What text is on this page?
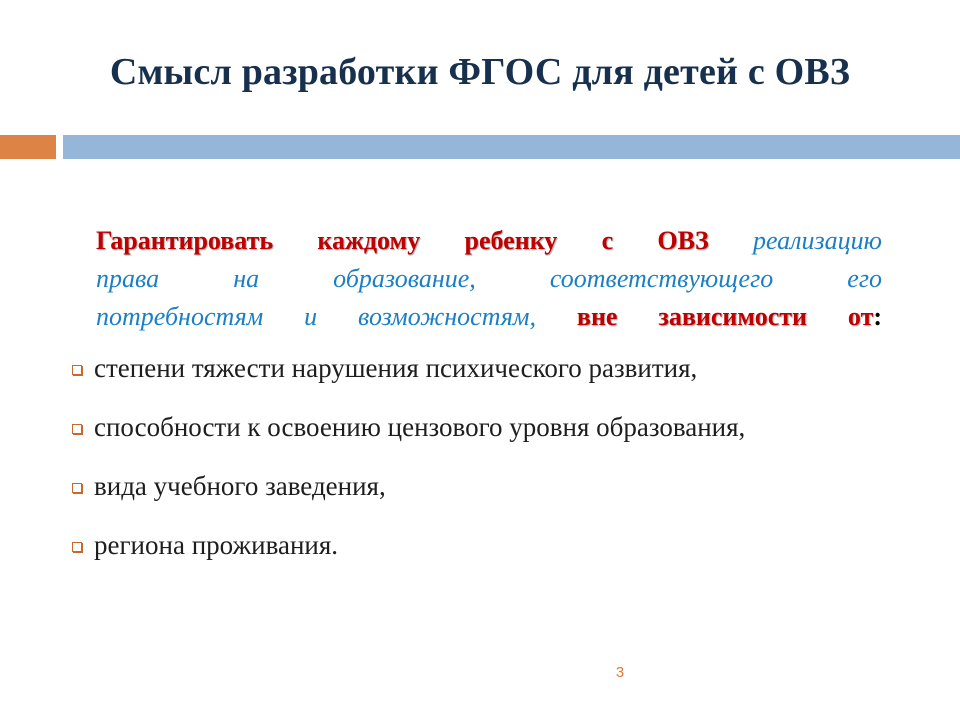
Смысл разработки ФГОС для детей с ОВЗ
Гарантировать каждому ребенку с ОВЗ реализацию
права на образование, соответствующего его
потребностям и возможностям, вне зависимости от:
степени тяжести нарушения психического развития,
способности к освоению цензового уровня образования,
вида учебного заведения,
региона проживания.
3
